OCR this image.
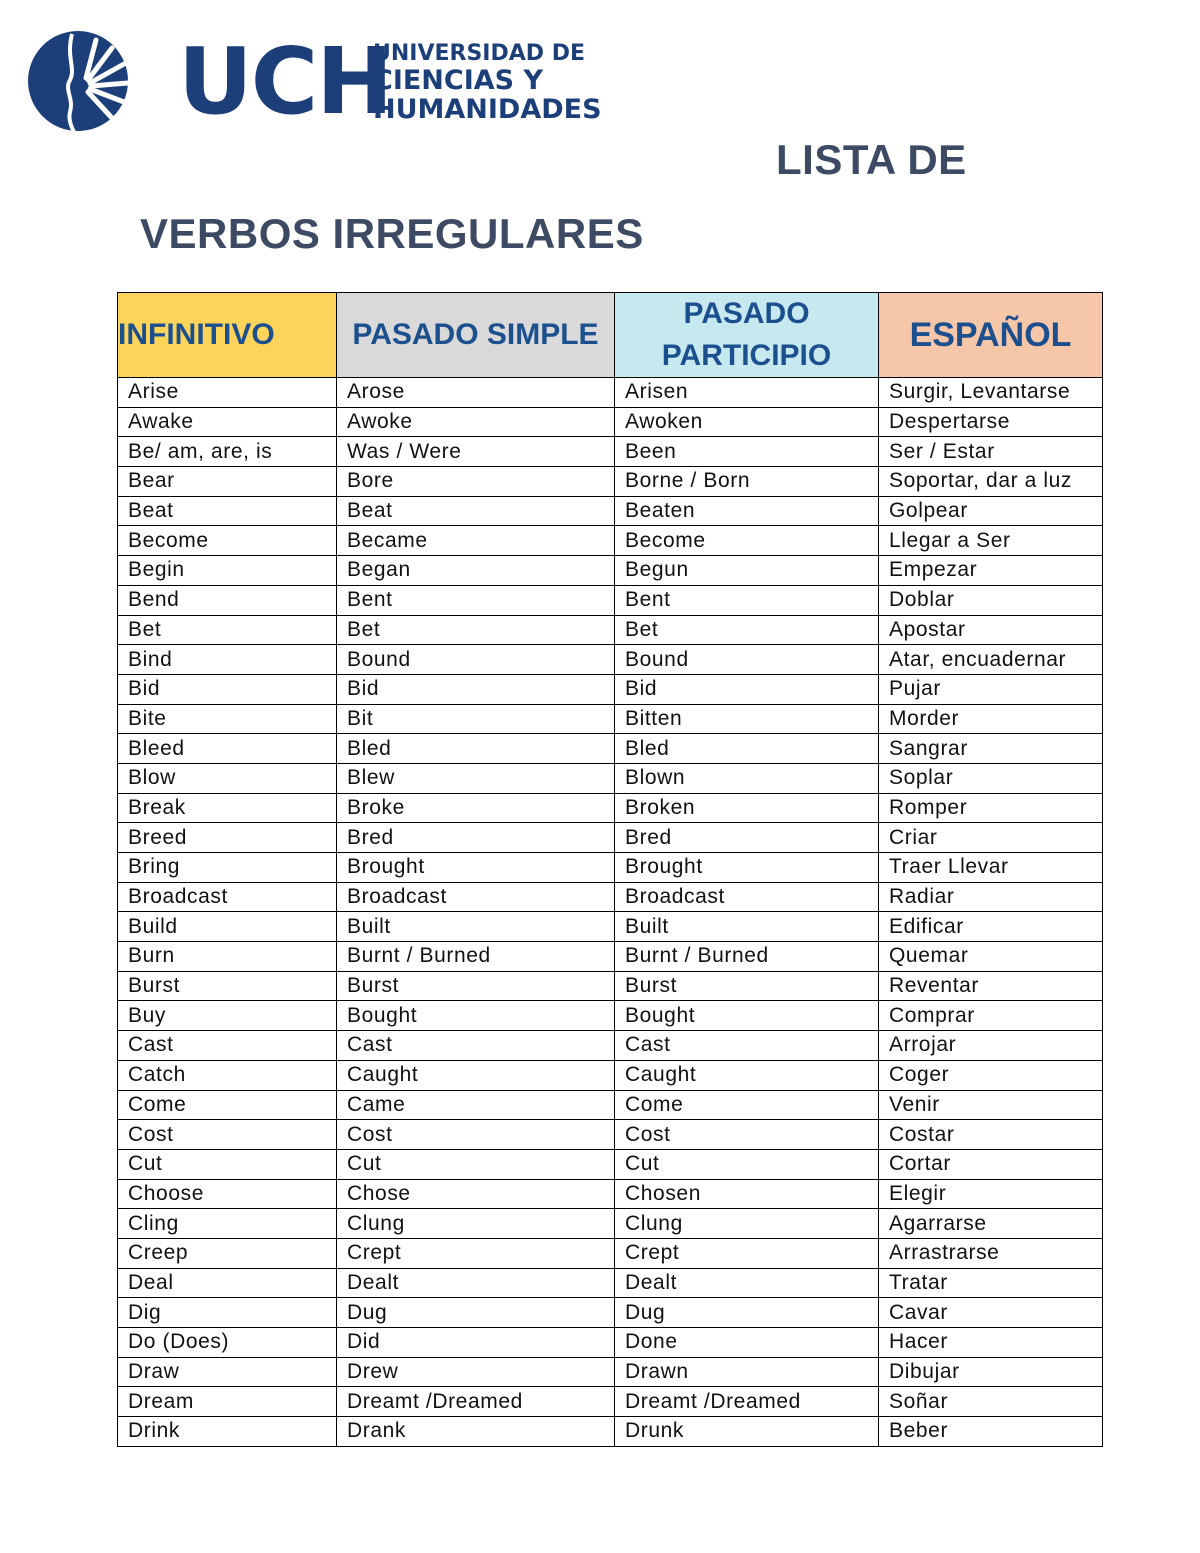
UCH
UNIVERSIDAD DE
CIENCIAS Y
HUMANIDADES
LISTA DE
VERBOS IRREGULARES
INFINITIVO	PASADO SIMPLE	PASADO PARTICIPIO	ESPAÑOL
Arise	Arose	Arisen	Surgir, Levantarse
Awake	Awoke	Awoken	Despertarse
Be/ am, are, is	Was / Were	Been	Ser / Estar
Bear	Bore	Borne / Born	Soportar, dar a luz
Beat	Beat	Beaten	Golpear
Become	Became	Become	Llegar a Ser
Begin	Began	Begun	Empezar
Bend	Bent	Bent	Doblar
Bet	Bet	Bet	Apostar
Bind	Bound	Bound	Atar, encuadernar
Bid	Bid	Bid	Pujar
Bite	Bit	Bitten	Morder
Bleed	Bled	Bled	Sangrar
Blow	Blew	Blown	Soplar
Break	Broke	Broken	Romper
Breed	Bred	Bred	Criar
Bring	Brought	Brought	Traer Llevar
Broadcast	Broadcast	Broadcast	Radiar
Build	Built	Built	Edificar
Burn	Burnt / Burned	Burnt / Burned	Quemar
Burst	Burst	Burst	Reventar
Buy	Bought	Bought	Comprar
Cast	Cast	Cast	Arrojar
Catch	Caught	Caught	Coger
Come	Came	Come	Venir
Cost	Cost	Cost	Costar
Cut	Cut	Cut	Cortar
Choose	Chose	Chosen	Elegir
Cling	Clung	Clung	Agarrarse
Creep	Crept	Crept	Arrastrarse
Deal	Dealt	Dealt	Tratar
Dig	Dug	Dug	Cavar
Do (Does)	Did	Done	Hacer
Draw	Drew	Drawn	Dibujar
Dream	Dreamt /Dreamed	Dreamt /Dreamed	Soñar
Drink	Drank	Drunk	Beber
